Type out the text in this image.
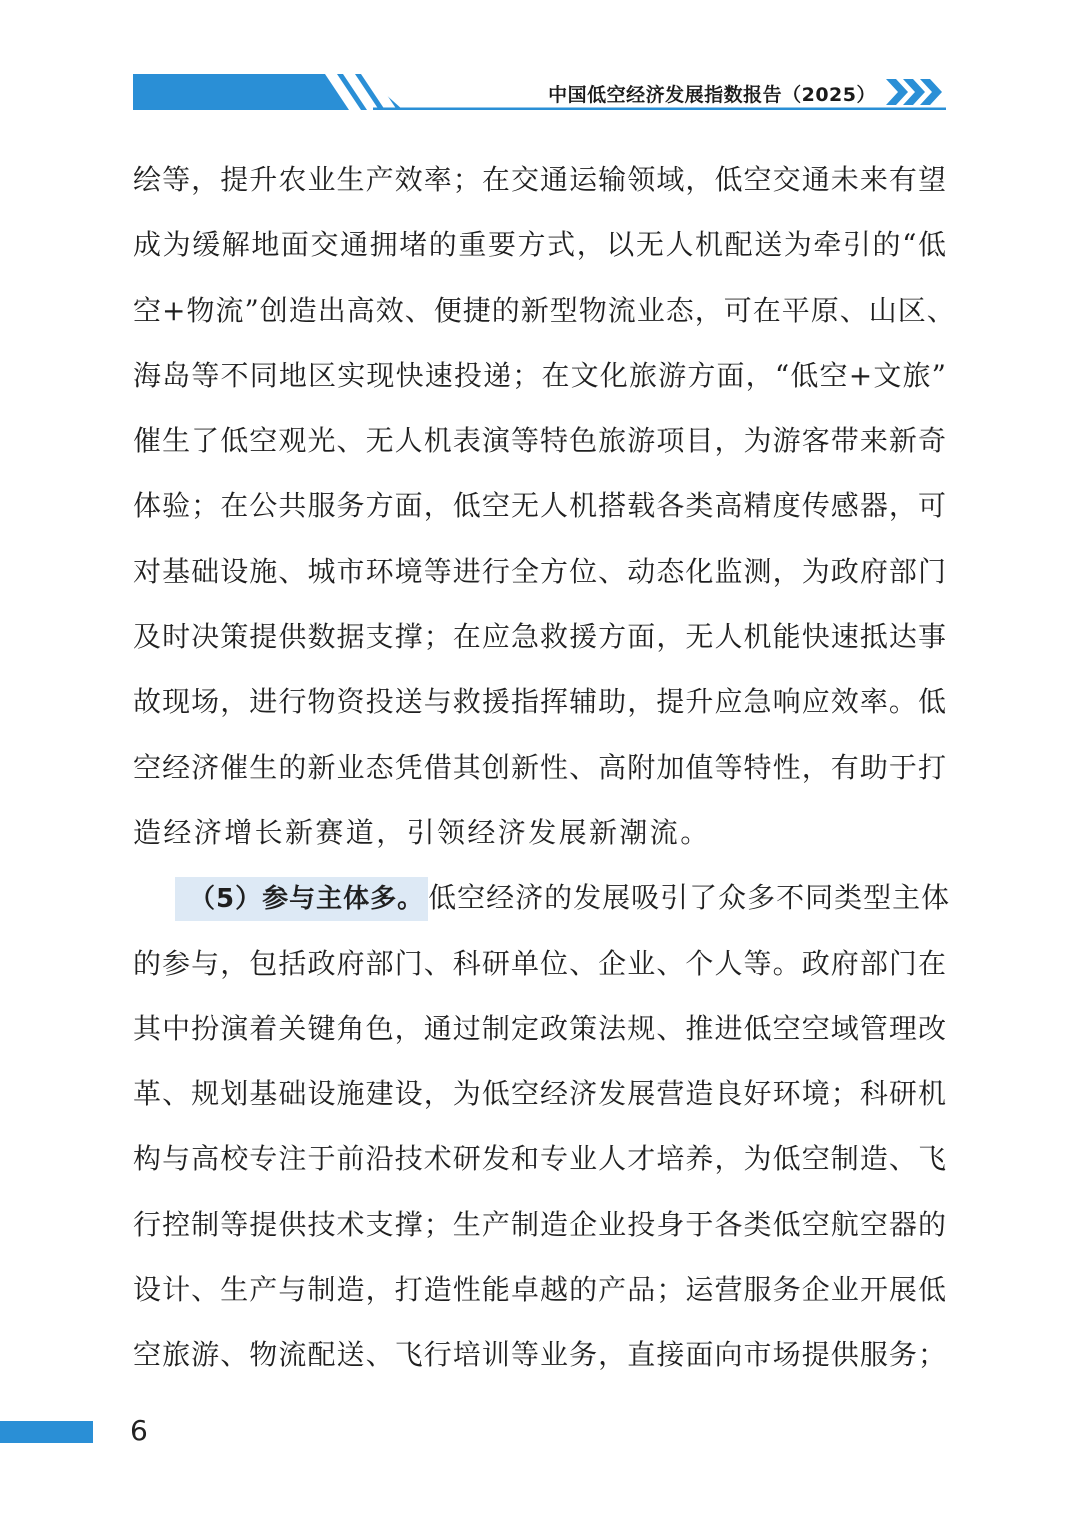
中国低空经济发展指数报告（2025）
绘等，提升农业生产效率；在交通运输领域，低空交通未来有望
成为缓解地面交通拥堵的重要方式，以无人机配送为牵引的“低
空+物流”创造出高效、便捷的新型物流业态，可在平原、山区、
海岛等不同地区实现快速投递；在文化旅游方面，“低空+文旅”
催生了低空观光、无人机表演等特色旅游项目，为游客带来新奇
体验；在公共服务方面，低空无人机搭载各类高精度传感器，可
对基础设施、城市环境等进行全方位、动态化监测，为政府部门
及时决策提供数据支撑；在应急救援方面，无人机能快速抵达事
故现场，进行物资投送与救援指挥辅助，提升应急响应效率。低
空经济催生的新业态凭借其创新性、高附加值等特性，有助于打
造经济增长新赛道，引领经济发展新潮流。
（5）参与主体多。 低空经济的发展吸引了众多不同类型主体
的参与，包括政府部门、科研单位、企业、个人等。政府部门在
其中扮演着关键角色，通过制定政策法规、推进低空空域管理改
革、规划基础设施建设，为低空经济发展营造良好环境；科研机
构与高校专注于前沿技术研发和专业人才培养，为低空制造、飞
行控制等提供技术支撑；生产制造企业投身于各类低空航空器的
设计、生产与制造，打造性能卓越的产品；运营服务企业开展低
空旅游、物流配送、飞行培训等业务，直接面向市场提供服务；
6
